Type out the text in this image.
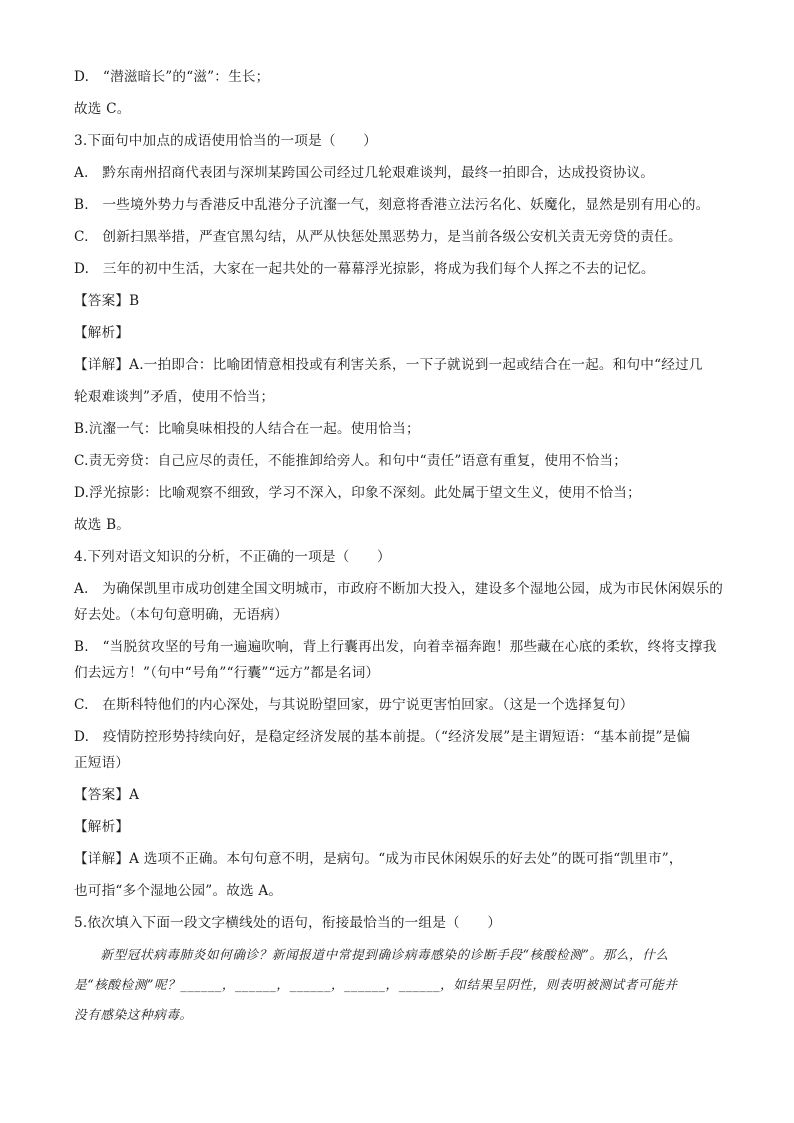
D.　“潜滋暗长”的“滋”：生长；
故选 C。
3.下面句中加点的成语使用恰当的一项是（　　）
A.　黔东南州招商代表团与深圳某跨国公司经过几轮艰难谈判，最终一拍即合，达成投资协议。
B.　一些境外势力与香港反中乱港分子沆瀣一气，刻意将香港立法污名化、妖魔化，显然是别有用心的。
C.　创新扫黑举措，严查官黑勾结，从严从快惩处黑恶势力，是当前各级公安机关责无旁贷的责任。
D.　三年的初中生活，大家在一起共处的一幕幕浮光掠影，将成为我们每个人挥之不去的记忆。
【答案】B
【解析】
【详解】A.一拍即合：比喻团情意相投或有利害关系，一下子就说到一起或结合在一起。和句中“经过几
轮艰难谈判”矛盾，使用不恰当；
B.沆瀣一气：比喻臭味相投的人结合在一起。使用恰当；
C.责无旁贷：自己应尽的责任，不能推卸给旁人。和句中“责任”语意有重复，使用不恰当；
D.浮光掠影：比喻观察不细致，学习不深入，印象不深刻。此处属于望文生义，使用不恰当；
故选 B。
4.下列对语文知识的分析，不正确的一项是（　　）
A.　为确保凯里市成功创建全国文明城市，市政府不断加大投入，建设多个湿地公园，成为市民休闲娱乐的
好去处。（本句句意明确，无语病）
B.　“当脱贫攻坚的号角一遍遍吹响，背上行囊再出发，向着幸福奔跑！那些藏在心底的柔软，终将支撑我
们去远方！”（句中“号角”“行囊”“远方”都是名词）
C.　在斯科特他们的内心深处，与其说盼望回家，毋宁说更害怕回家。（这是一个选择复句）
D.　疫情防控形势持续向好，是稳定经济发展的基本前提。（“经济发展”是主谓短语：“基本前提”是偏
正短语）
【答案】A
【解析】
【详解】A 选项不正确。本句句意不明，是病句。“成为市民休闲娱乐的好去处”的既可指“凯里市”，
也可指“多个湿地公园”。故选 A。
5.依次填入下面一段文字横线处的语句，衔接最恰当的一组是（　　）
　　新型冠状病毒肺炎如何确诊？新闻报道中常提到确诊病毒感染的诊断手段“核酸检测”。那么，什么
是“核酸检测”呢？______，______，______，______，______，如结果呈阴性，则表明被测试者可能并
没有感染这种病毒。
